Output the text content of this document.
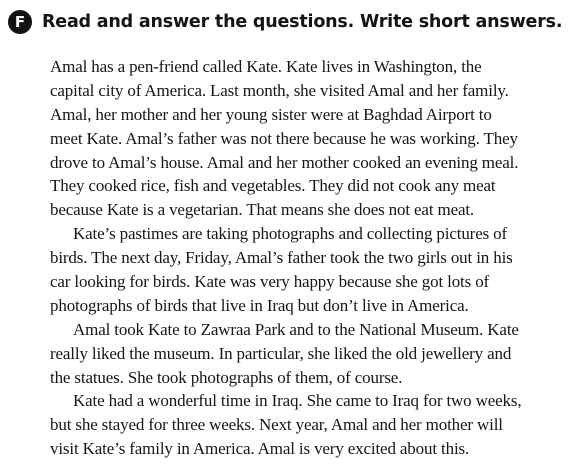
F Read and answer the questions. Write short answers.
Amal has a pen-friend called Kate. Kate lives in Washington, the
capital city of America. Last month, she visited Amal and her family.
Amal, her mother and her young sister were at Baghdad Airport to
meet Kate. Amal’s father was not there because he was working. They
drove to Amal’s house. Amal and her mother cooked an evening meal.
They cooked rice, fish and vegetables. They did not cook any meat
because Kate is a vegetarian. That means she does not eat meat.
Kate’s pastimes are taking photographs and collecting pictures of
birds. The next day, Friday, Amal’s father took the two girls out in his
car looking for birds. Kate was very happy because she got lots of
photographs of birds that live in Iraq but don’t live in America.
Amal took Kate to Zawraa Park and to the National Museum. Kate
really liked the museum. In particular, she liked the old jewellery and
the statues. She took photographs of them, of course.
Kate had a wonderful time in Iraq. She came to Iraq for two weeks,
but she stayed for three weeks. Next year, Amal and her mother will
visit Kate’s family in America. Amal is very excited about this.
